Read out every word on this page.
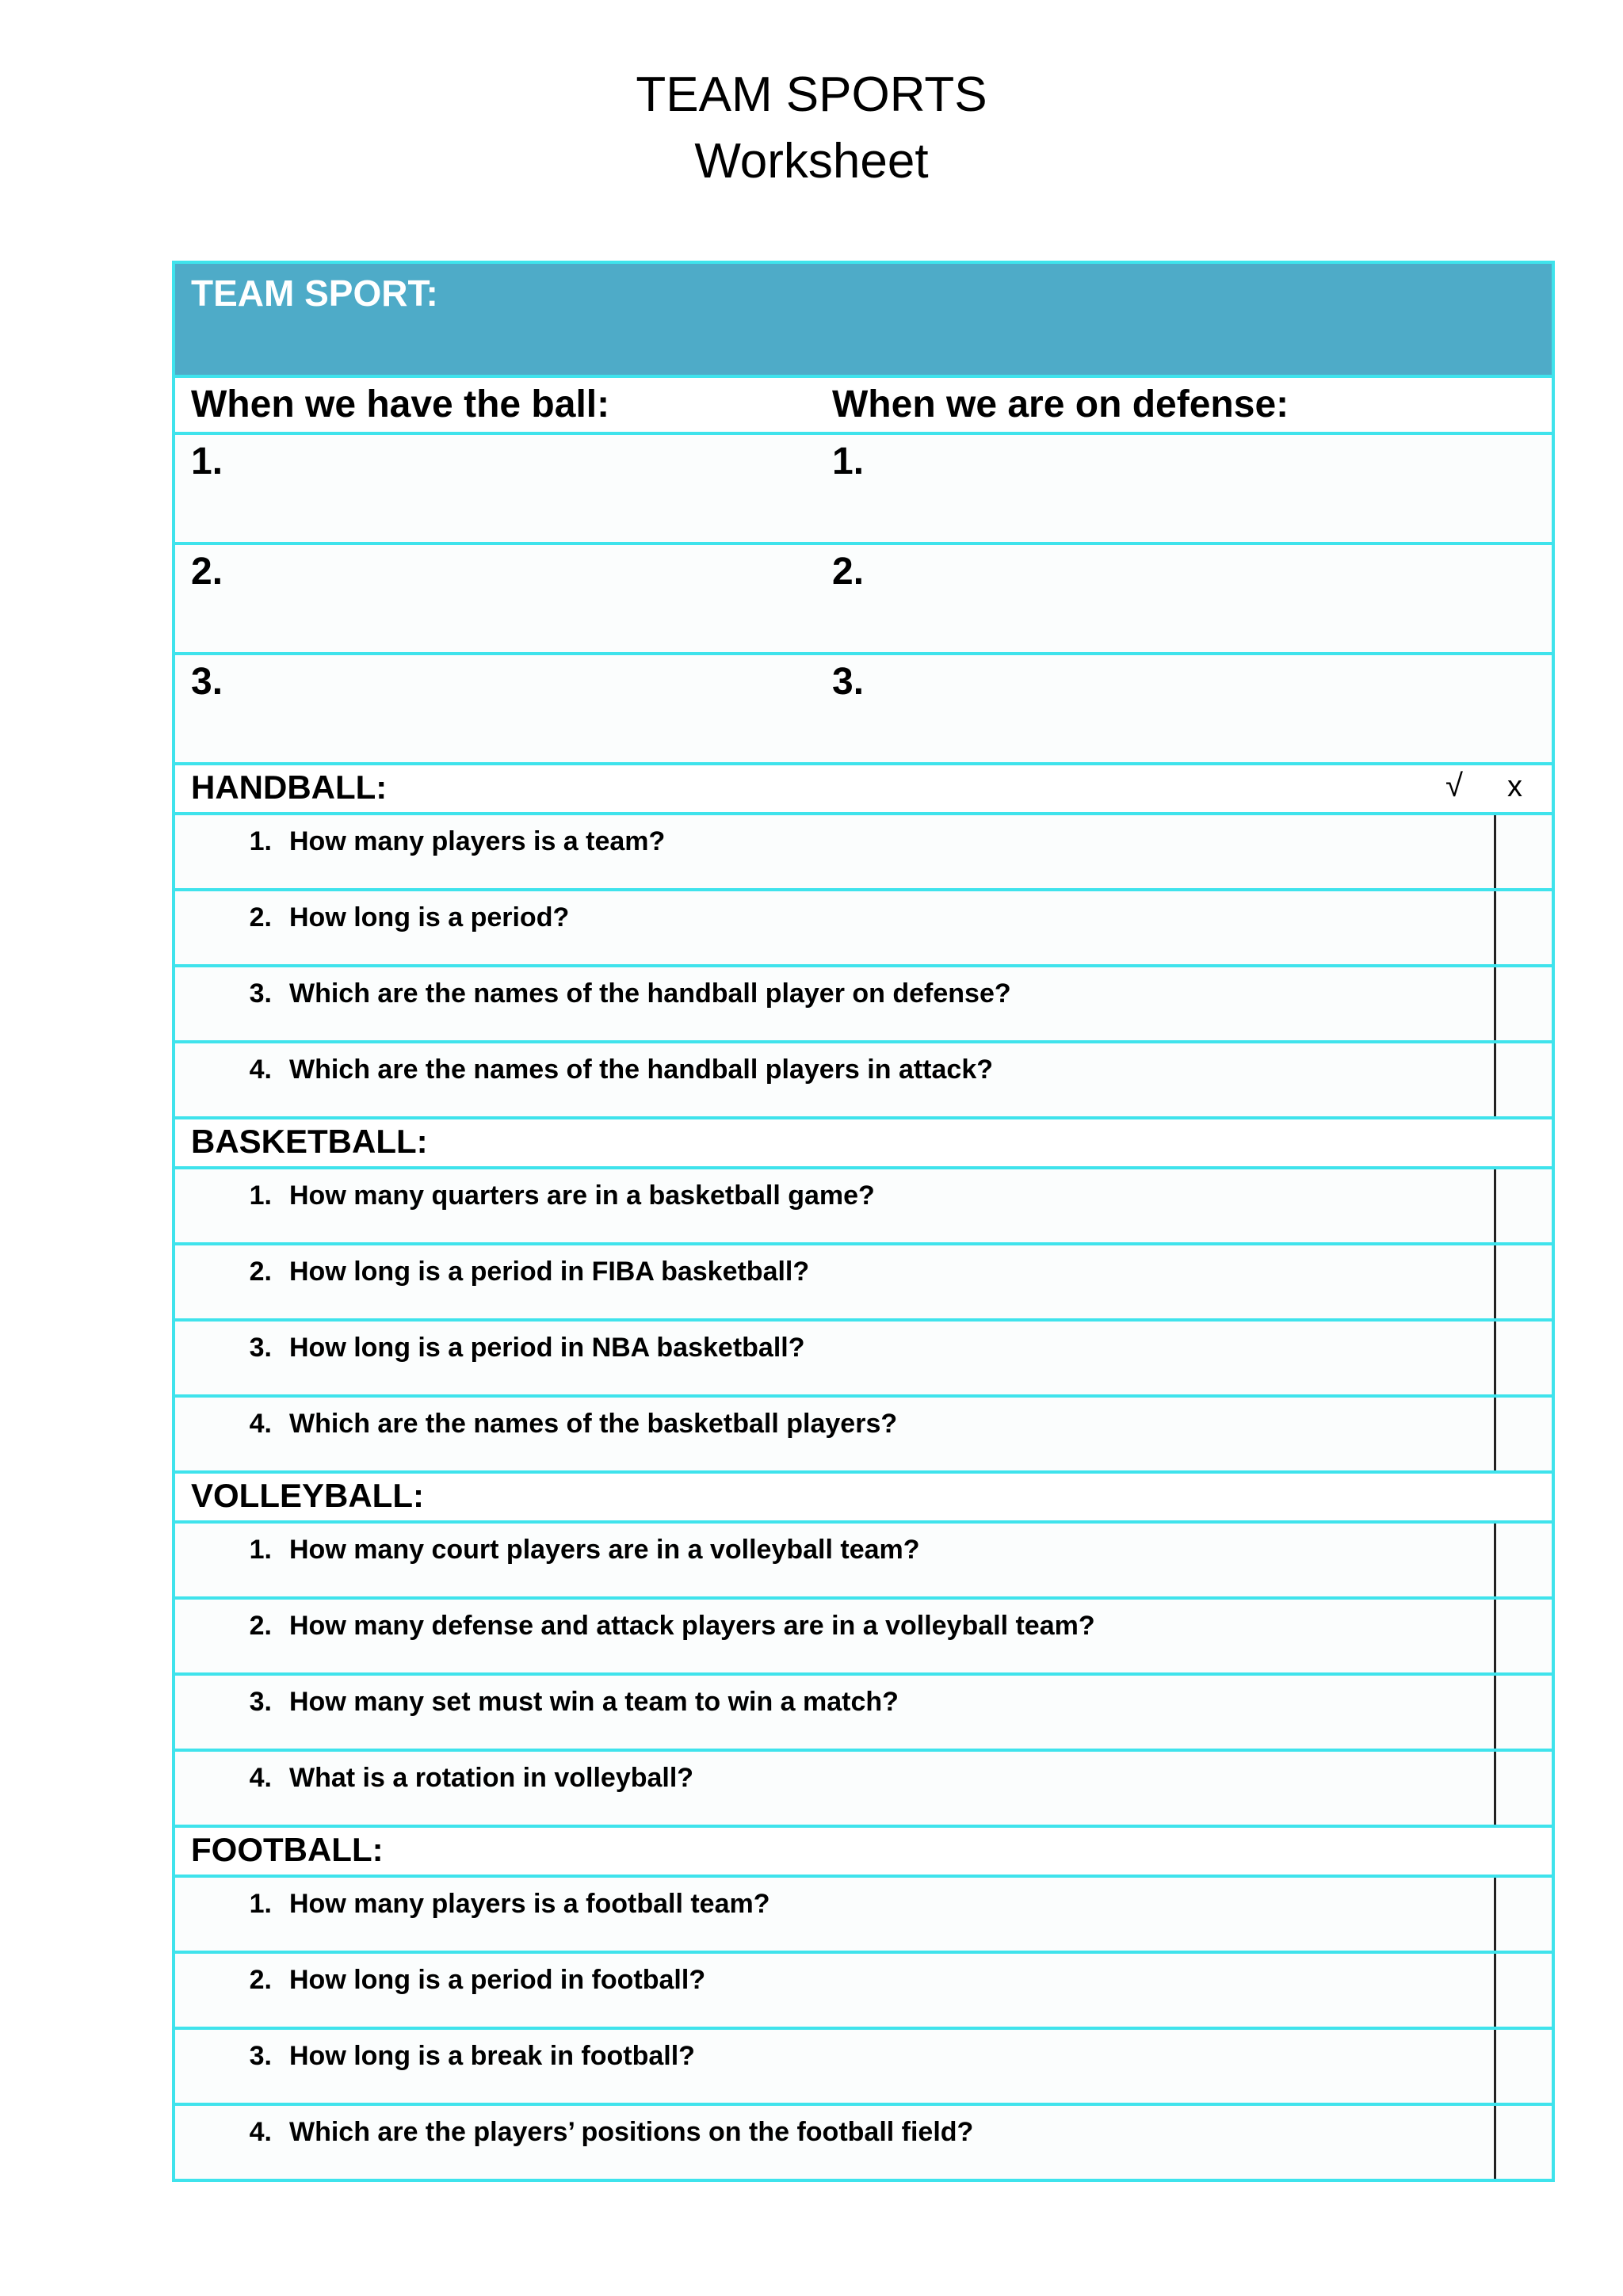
TEAM SPORTS
Worksheet
TEAM SPORT:
When we have the ball:	When we are on defense:
1.	1.
2.	2.
3.	3.
HANDBALL:	√ x
1. How many players is a team?
2. How long is a period?
3. Which are the names of the handball player on defense?
4. Which are the names of the handball players in attack?
BASKETBALL:
1. How many quarters are in a basketball game?
2. How long is a period in FIBA basketball?
3. How long is a period in NBA basketball?
4. Which are the names of the basketball players?
VOLLEYBALL:
1. How many court players are in a volleyball team?
2. How many defense and attack players are in a volleyball team?
3. How many set must win a team to win a match?
4. What is a rotation in volleyball?
FOOTBALL:
1. How many players is a football team?
2. How long is a period in football?
3. How long is a break in football?
4. Which are the players’ positions on the football field?
